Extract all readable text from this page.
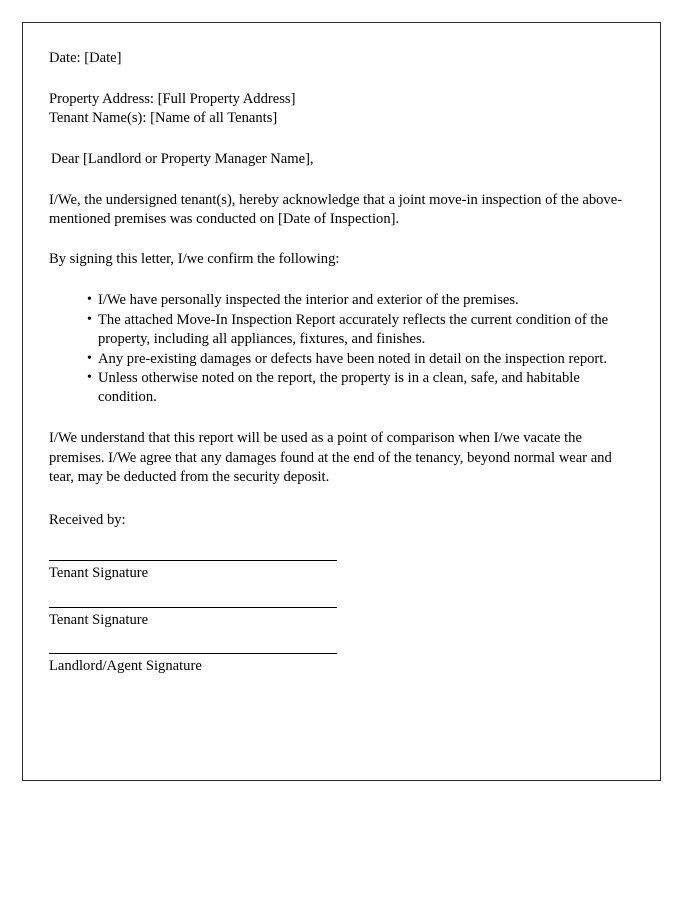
Date: [Date]

Property Address: [Full Property Address]

Tenant Name(s): [Name of all Tenants]

Dear [Landlord or Property Manager Name],

I/We, the undersigned tenant(s), hereby acknowledge that a joint move-in inspection of the above-mentioned premises was conducted on [Date of Inspection].

By signing this letter, I/we confirm the following:

• I/We have personally inspected the interior and exterior of the premises.
• The attached Move-In Inspection Report accurately reflects the current condition of the property, including all appliances, fixtures, and finishes.
• Any pre-existing damages or defects have been noted in detail on the inspection report.
• Unless otherwise noted on the report, the property is in a clean, safe, and habitable condition.

I/We understand that this report will be used as a point of comparison when I/we vacate the premises. I/We agree that any damages found at the end of the tenancy, beyond normal wear and tear, may be deducted from the security deposit.

Received by:

Tenant Signature

Tenant Signature

Landlord/Agent Signature
